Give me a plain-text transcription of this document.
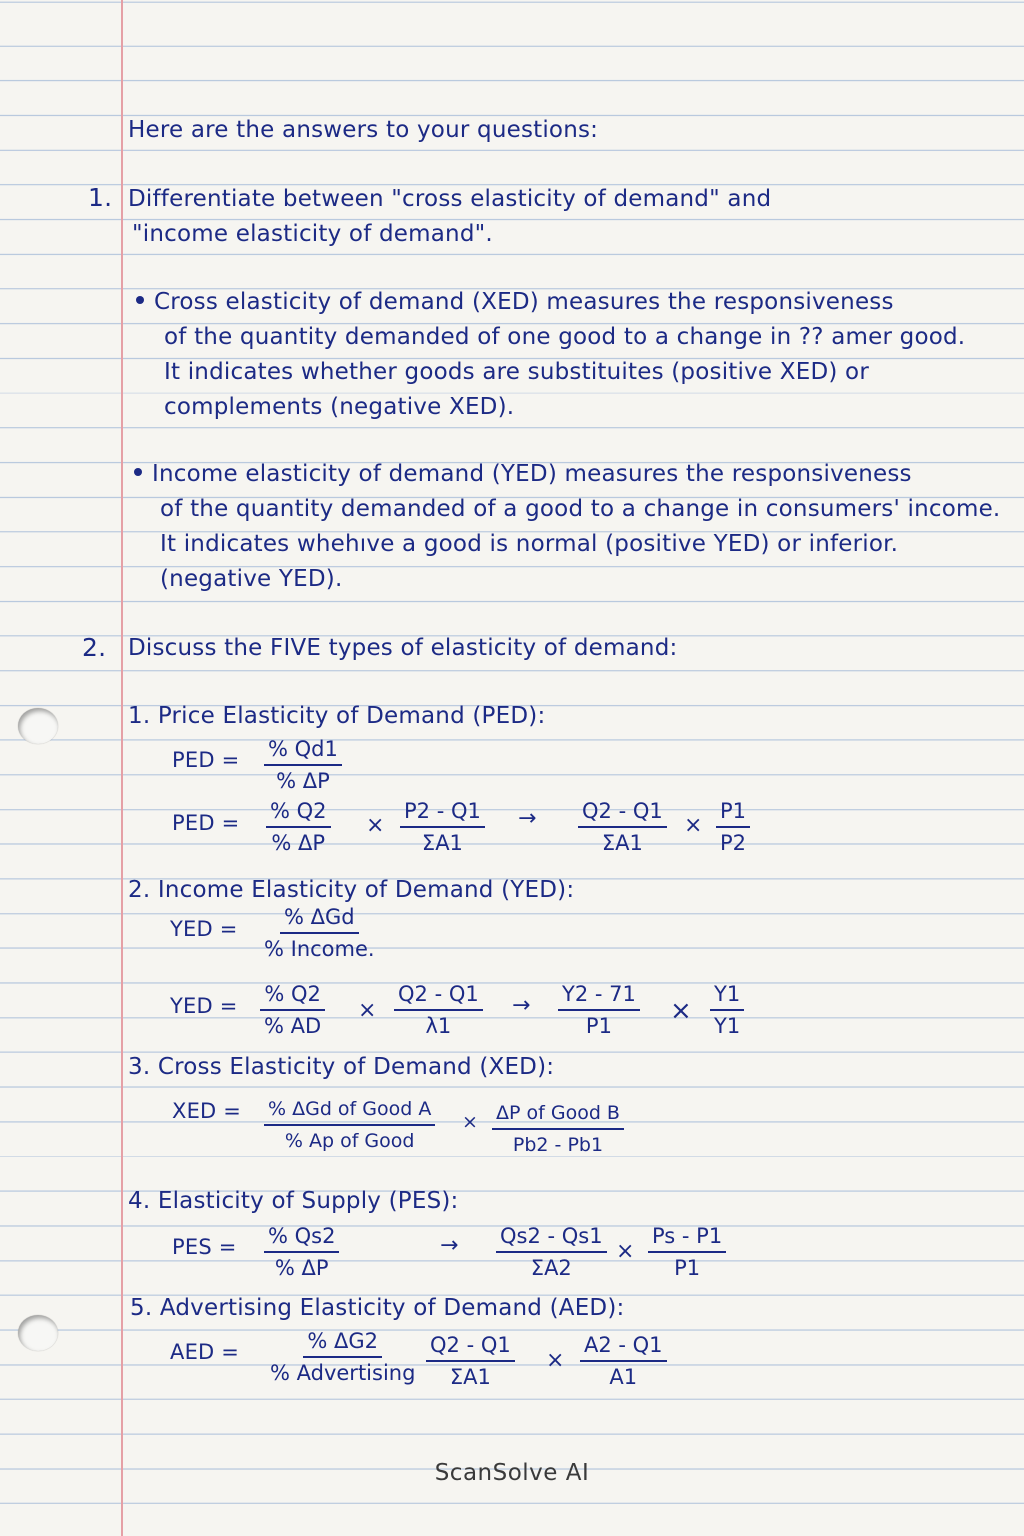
Here are the answers to your questions:
1. Differentiate between "cross elasticity of demand" and
"income elasticity of demand".
Cross elasticity of demand (XED) measures the responsiveness
of the quantity demanded of one good to a change in ?? amer good.
It indicates whether goods are substituites (positive XED) or
complements (negative XED).
Income elasticity of demand (YED) measures the responsiveness
of the quantity demanded of a good to a change in consumers' income.
It indicates whehıve a good is normal (positive YED) or inferior.
(negative YED).
2. Discuss the FIVE types of elasticity of demand:
1. Price Elasticity of Demand (PED):
PED = $\frac{\% Qd1}{\% \Delta P}$
PED = $\frac{\% Q2}{\% \Delta P} \times \frac{P2 - Q1}{\Sigma A1} \to \frac{Q2 - Q1}{\Sigma A1} \times \frac{P1}{P2}$
2. Income Elasticity of Demand (YED):
YED = % ΔGd
% Income.
YED = $\frac{\% Q2}{\% AD} \times \frac{Q2 - Q1}{\lambda 1} \to \frac{Y2 - 71}{P1} \times \frac{Y1}{Y1}$
3. Cross Elasticity of Demand (XED):
XED = % ΔGd of Good A
% Ap of Good
× ΔP of Good B
Pb2 - Pb1
4. Elasticity of Supply (PES):
PES = $\frac{\% Qs2}{\% \Delta P}$	→ $\frac{Qs2 - Qs1}{\Sigma A2} \times \frac{Ps - P1}{P1}$
5. Advertising Elasticity of Demand (AED):
AED =	% ΔG2
% Advertising $\frac{Q2 - Q1}{\Sigma A1} \times \frac{A2 - Q1}{A1}$
ScanSolve AI
